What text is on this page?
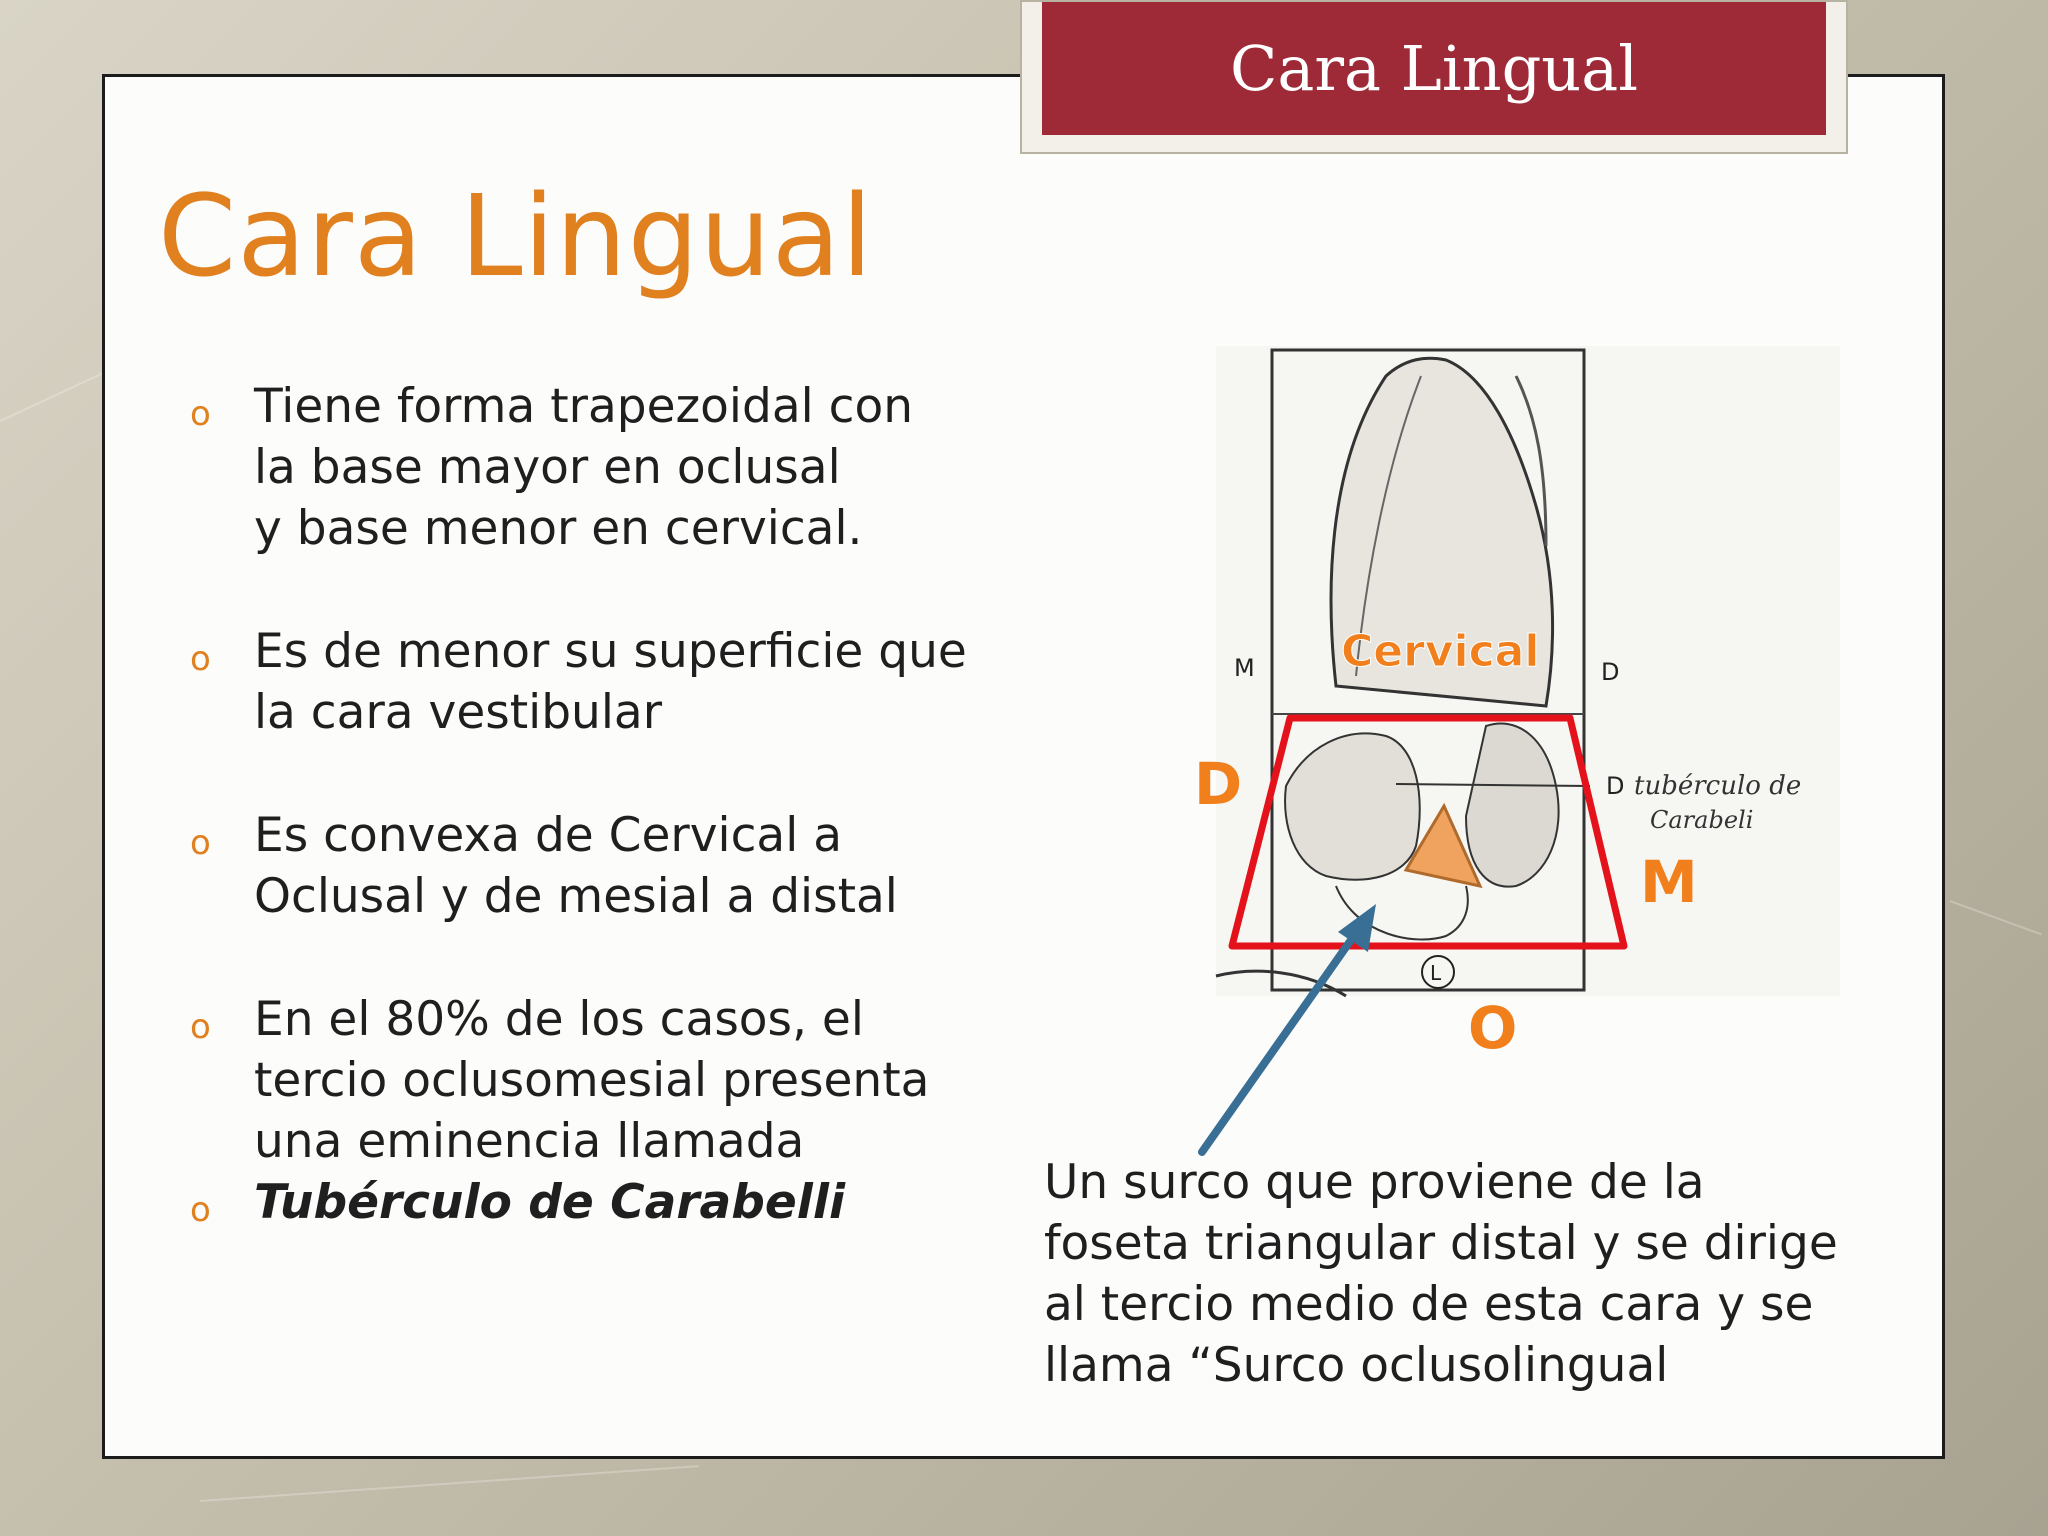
Cara Lingual
Cara Lingual
o Tiene forma trapezoidal con
la base mayor en oclusal
y base menor en cervical.
o Es de menor su superficie que
la cara vestibular
o Es convexa de Cervical a
Oclusal y de mesial a distal
o En el 80% de los casos, el
tercio oclusomesial presenta
una eminencia llamada
o Tubérculo de Carabelli
M	D
D
L
tubérculo de
Carabeli
Cervical
D
M
O
Un surco que proviene de la
foseta triangular distal y se dirige
al tercio medio de esta cara y se
llama “Surco oclusolingual
